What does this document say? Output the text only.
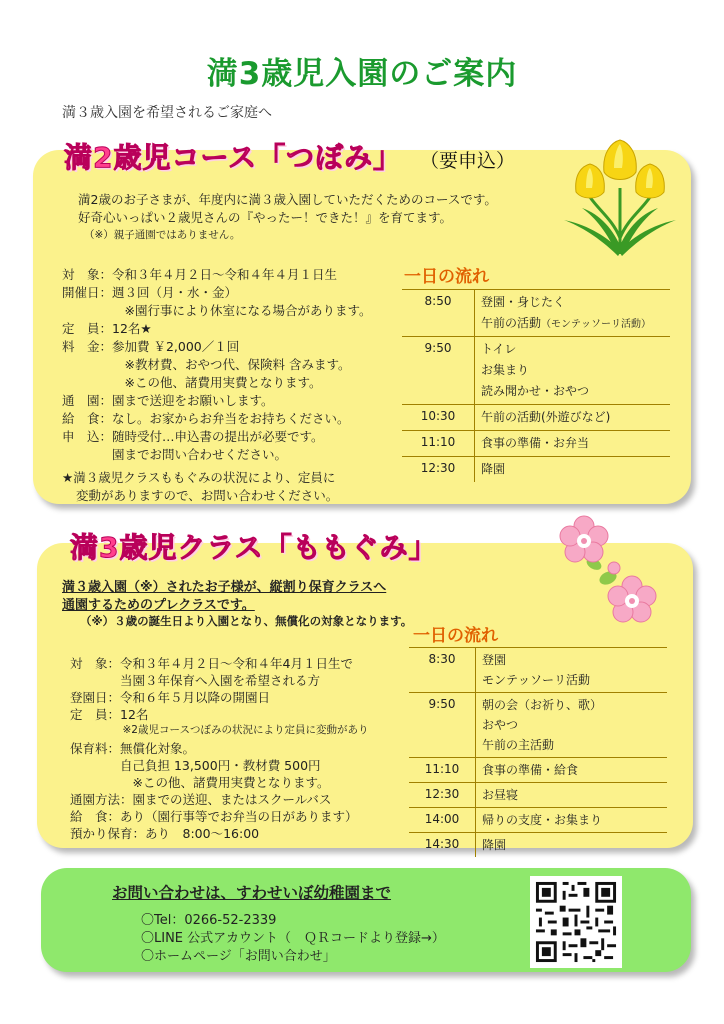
満3歳児入園のご案内
満３歳入園を希望されるご家庭へ
満2歳児コース「つぼみ」 （要申込）
満2歳のお子さまが、年度内に満３歳入園していただくためのコースです。
好奇心いっぱい２歳児さんの『やったー！できた！』を育てます。
（※）親子通園ではありません。
対　象：令和３年４月２日～令和４年４月１日生
開催日：週３回（月・水・金）
　　　　　※園行事により休室になる場合があります。
定　員：12名★
料　金：参加費 ￥2,000／１回
　　　　　※教材費、おやつ代、保険料 含みます。
　　　　　※この他、諸費用実費となります。
通　園：園まで送迎をお願いします。
給　食：なし。お家からお弁当をお持ちください。
申　込：随時受付…申込書の提出が必要です。
　　　　園までお問い合わせください。
★満３歳児クラスももぐみの状況により、定員に
変動がありますので、お問い合わせください。
一日の流れ
8:50	登園・身じたく
午前の活動（モンテッソーリ活動）

9:50	トイレ
お集まり
読み聞かせ・おやつ

10:30	午前の活動(外遊びなど)

11:10	食事の準備・お弁当

12:30	降園
満3歳児クラス「ももぐみ」
満３歳入園（※）されたお子様が、縦割り保育クラスへ
通園するためのプレクラスです。
（※）３歳の誕生日より入園となり、無償化の対象となります。
対　象：令和３年４月２日～令和４年4月１日生で
　　　　当園３年保育へ入園を希望される方
登園日：令和６年５月以降の開園日
定　員：12名
　　　　　※2歳児コースつぼみの状況により定員に変動があり
保育料：無償化対象。
　　　　自己負担 13,500円・教材費 500円
　　　　　※この他、諸費用実費となります。
通園方法：園までの送迎、またはスクールバス
給　食：あり（園行事等でお弁当の日があります）
預かり保育：あり　8:00～16:00
一日の流れ
8:30	登園
モンテッソーリ活動

9:50	朝の会（お祈り、歌）
おやつ
午前の主活動

11:10	食事の準備・給食

12:30	お昼寝

14:00	帰りの支度・お集まり

14:30	降園
お問い合わせは、すわせいぼ幼稚園まで
〇Tel：0266-52-2339
〇LINE 公式アカウント（　ＱＲコードより登録→）
〇ホームページ「お問い合わせ」
